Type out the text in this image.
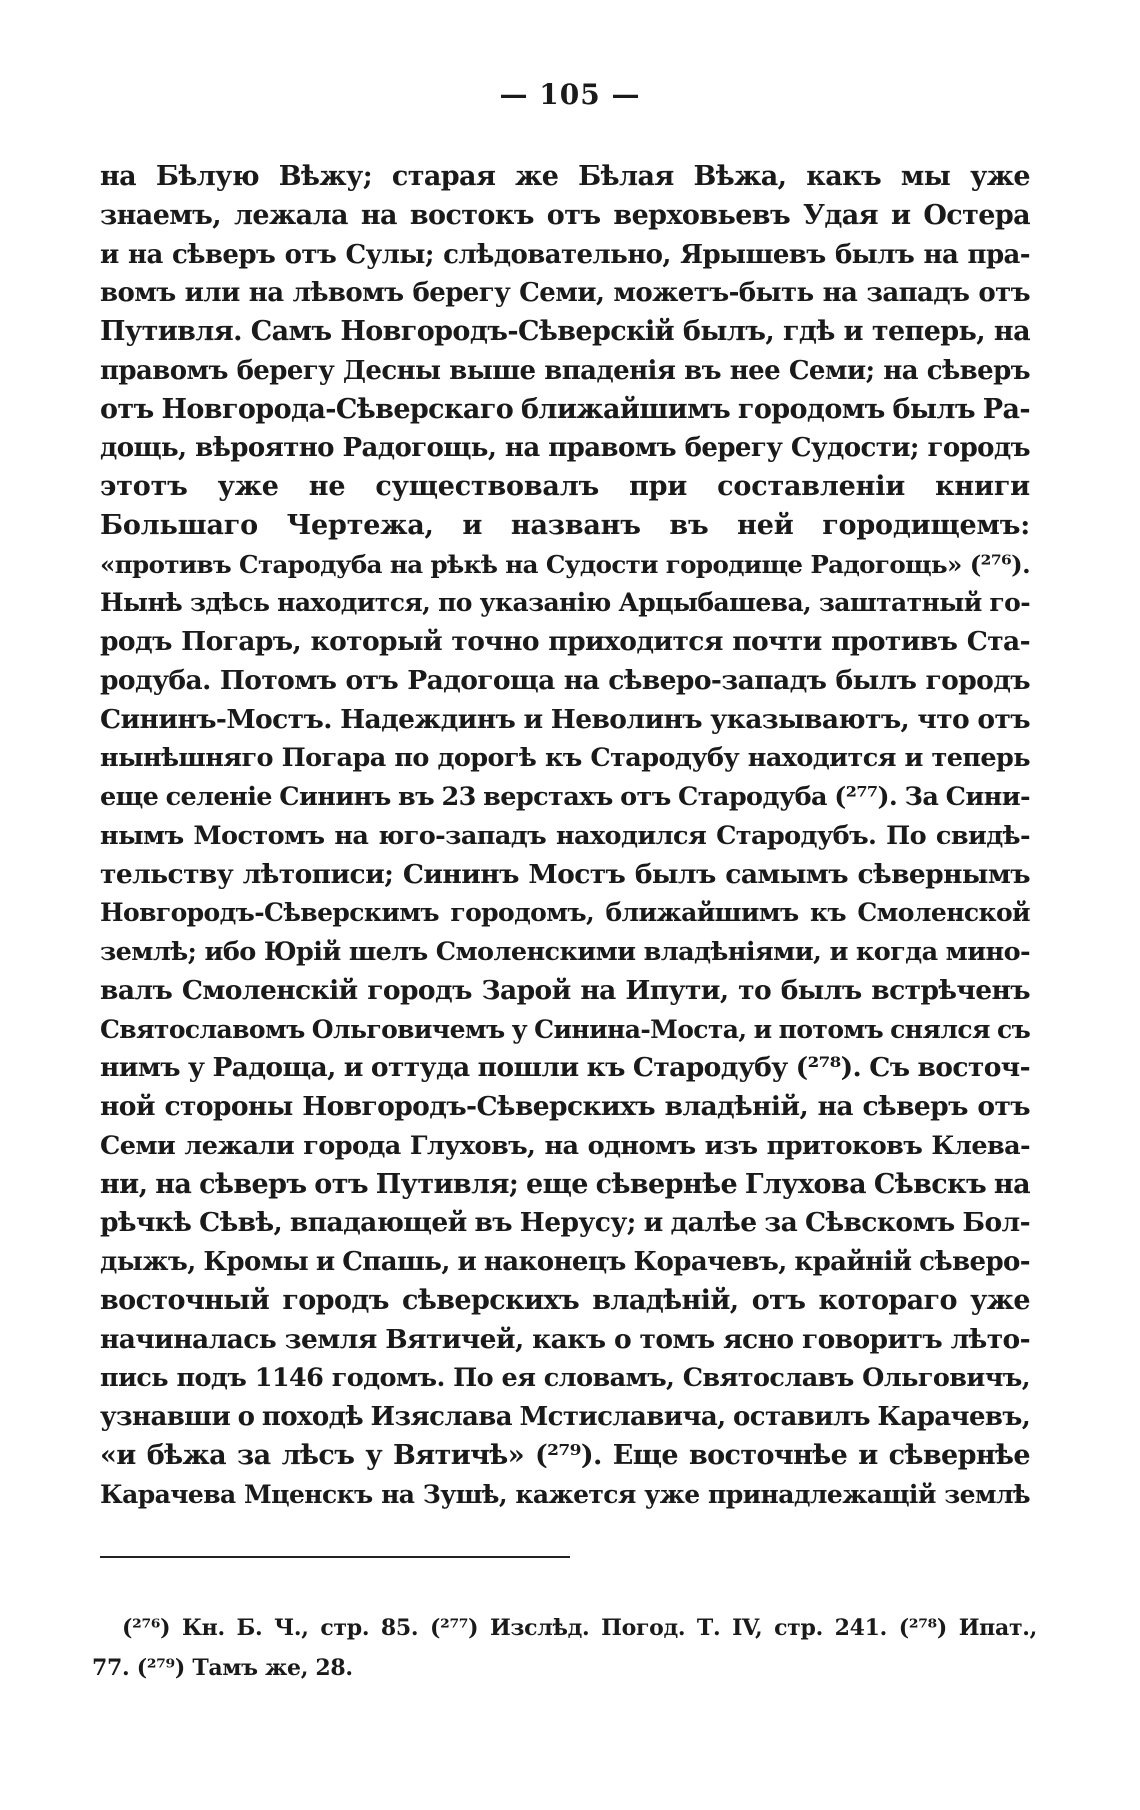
— 105 —
на Бѣлую Вѣжу; старая же Бѣлая Вѣжа, какъ мы уже
знаемъ, лежала на востокъ отъ верховьевъ Удая и Остера
и на сѣверъ отъ Сулы; слѣдовательно, Ярышевъ былъ на пра-
вомъ или на лѣвомъ берегу Семи, можетъ-быть на западъ отъ
Путивля. Самъ Новгородъ-Сѣверскій былъ, гдѣ и теперь, на
правомъ берегу Десны выше впаденія въ нее Семи; на сѣверъ
отъ Новгорода-Сѣверскаго ближайшимъ городомъ былъ Ра-
дощь, вѣроятно Радогощь, на правомъ берегу Судости; городъ
этотъ уже не существовалъ при составленіи книги
Большаго Чертежа, и названъ въ ней городищемъ:
«противъ Стародуба на рѣкѣ на Судости городище Радогощь» (²⁷⁶).
Нынѣ здѣсь находится, по указанію Арцыбашева, заштатный го-
родъ Погаръ, который точно приходится почти противъ Ста-
родуба. Потомъ отъ Радогоща на сѣверо-западъ былъ городъ
Сининъ-Мостъ. Надеждинъ и Неволинъ указываютъ, что отъ
нынѣшняго Погара по дорогѣ къ Стародубу находится и теперь
еще селеніе Сининъ въ 23 верстахъ отъ Стародуба (²⁷⁷). За Сини-
нымъ Мостомъ на юго-западъ находился Стародубъ. По свидѣ-
тельству лѣтописи; Сининъ Мостъ былъ самымъ сѣвернымъ
Новгородъ-Сѣверскимъ городомъ, ближайшимъ къ Смоленской
землѣ; ибо Юрій шелъ Смоленскими владѣніями, и когда мино-
валъ Смоленскій городъ Зарой на Ипути, то былъ встрѣченъ
Святославомъ Ольговичемъ у Синина-Моста, и потомъ снялся съ
нимъ у Радоща, и оттуда пошли къ Стародубу (²⁷⁸). Съ восточ-
ной стороны Новгородъ-Сѣверскихъ владѣній, на сѣверъ отъ
Семи лежали города Глуховъ, на одномъ изъ притоковъ Клева-
ни, на сѣверъ отъ Путивля; еще сѣвернѣе Глухова Сѣвскъ на
рѣчкѣ Сѣвѣ, впадающей въ Нерусу; и далѣе за Сѣвскомъ Бол-
дыжъ, Кромы и Спашь, и наконецъ Корачевъ, крайній сѣверо-
восточный городъ сѣверскихъ владѣній, отъ котораго уже
начиналась земля Вятичей, какъ о томъ ясно говоритъ лѣто-
пись подъ 1146 годомъ. По ея словамъ, Святославъ Ольговичъ,
узнавши о походѣ Изяслава Мстиславича, оставилъ Карачевъ,
«и бѣжа за лѣсъ у Вятичѣ» (²⁷⁹). Еще восточнѣе и сѣвернѣе
Карачева Мценскъ на Зушѣ, кажется уже принадлежащій землѣ
(²⁷⁶) Кн. Б. Ч., стр. 85. (²⁷⁷) Изслѣд. Погод. Т. IV, стр. 241. (²⁷⁸) Ипат.,
77. (²⁷⁹) Тамъ же, 28.
